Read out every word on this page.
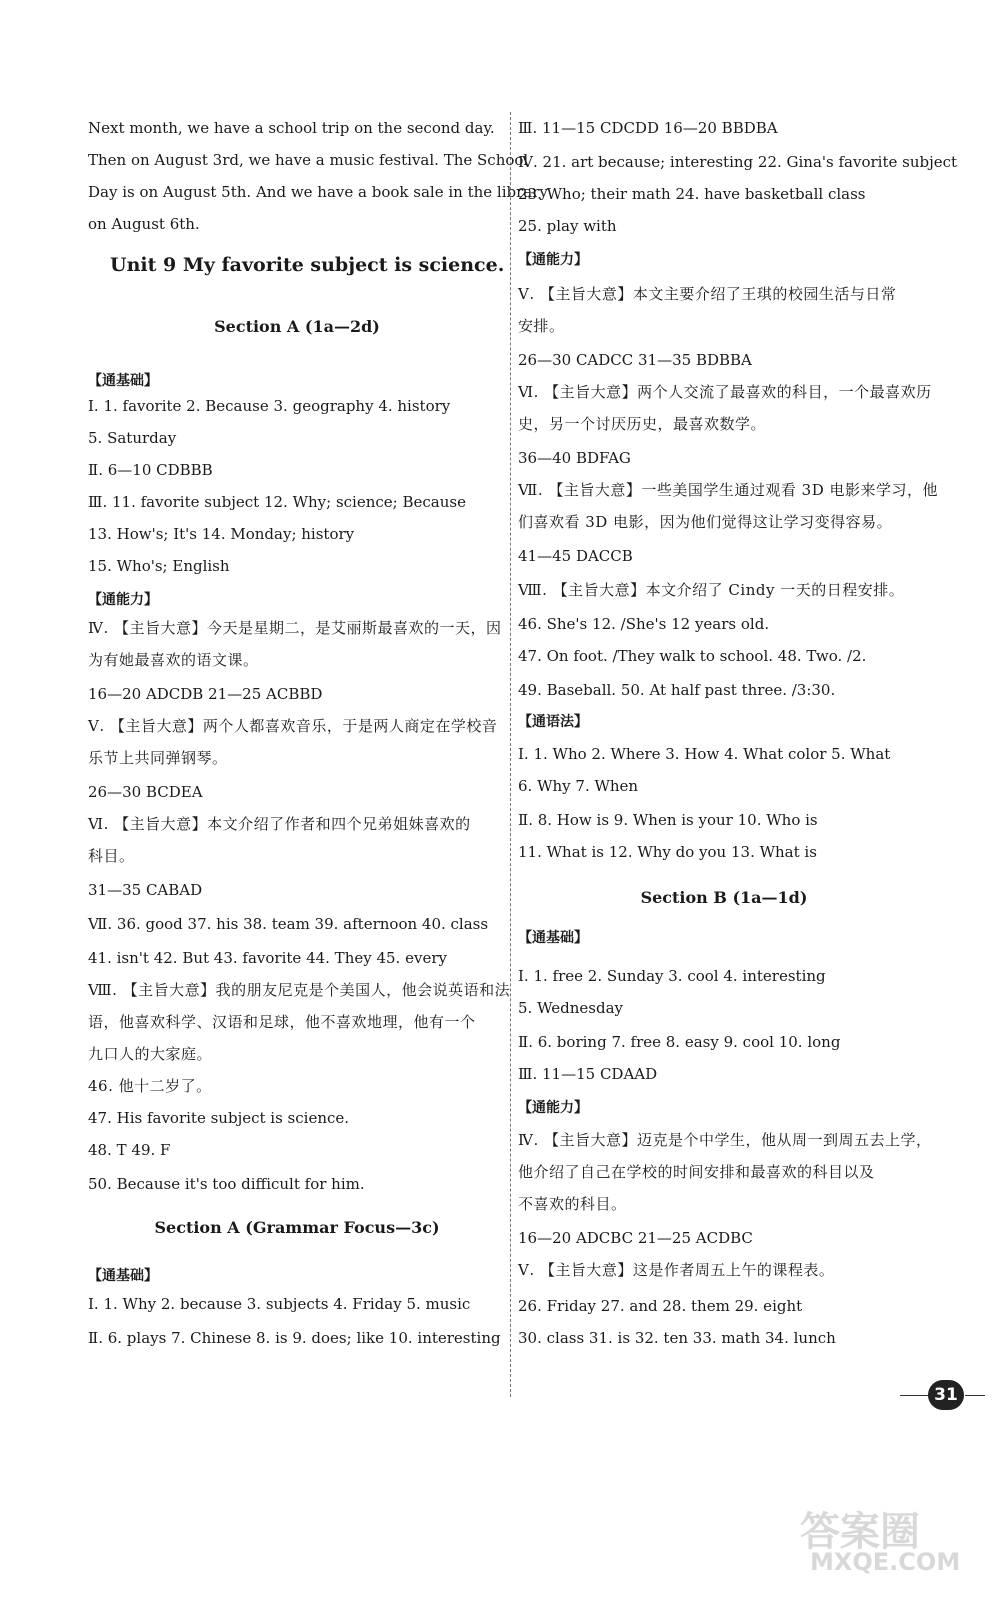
Next month, we have a school trip on the second day.
Then on August 3rd, we have a music festival. The School
Day is on August 5th. And we have a book sale in the library
on August 6th.
Unit 9 My favorite subject is science.
Section A (1a—2d)
【通基础】
Ⅰ. 1. favorite 2. Because 3. geography 4. history
5. Saturday
Ⅱ. 6—10 CDBBB
Ⅲ. 11. favorite subject 12. Why; science; Because
13. How's; It's 14. Monday; history
15. Who's; English
【通能力】
Ⅳ. 【主旨大意】今天是星期二，是艾丽斯最喜欢的一天，因
为有她最喜欢的语文课。
16—20 ADCDB 21—25 ACBBD
Ⅴ. 【主旨大意】两个人都喜欢音乐，于是两人商定在学校音
乐节上共同弹钢琴。
26—30 BCDEA
Ⅵ. 【主旨大意】本文介绍了作者和四个兄弟姐妹喜欢的
科目。
31—35 CABAD
Ⅶ. 36. good 37. his 38. team 39. afternoon 40. class
41. isn't 42. But 43. favorite 44. They 45. every
Ⅷ. 【主旨大意】我的朋友尼克是个美国人，他会说英语和法
语，他喜欢科学、汉语和足球，他不喜欢地理，他有一个
九口人的大家庭。
46. 他十二岁了。
47. His favorite subject is science.
48. T 49. F
50. Because it's too difficult for him.
Section A (Grammar Focus—3c)
【通基础】
Ⅰ. 1. Why 2. because 3. subjects 4. Friday 5. music
Ⅱ. 6. plays 7. Chinese 8. is 9. does; like 10. interesting
Ⅲ. 11—15 CDCDD 16—20 BBDBA
Ⅳ. 21. art because; interesting 22. Gina's favorite subject
23. Who; their math 24. have basketball class
25. play with
【通能力】
Ⅴ. 【主旨大意】本文主要介绍了王琪的校园生活与日常
安排。
26—30 CADCC 31—35 BDBBA
Ⅵ. 【主旨大意】两个人交流了最喜欢的科目，一个最喜欢历
史，另一个讨厌历史，最喜欢数学。
36—40 BDFAG
Ⅶ. 【主旨大意】一些美国学生通过观看 3D 电影来学习，他
们喜欢看 3D 电影，因为他们觉得这让学习变得容易。
41—45 DACCB
Ⅷ. 【主旨大意】本文介绍了 Cindy 一天的日程安排。
46. She's 12. /She's 12 years old.
47. On foot. /They walk to school. 48. Two. /2.
49. Baseball. 50. At half past three. /3:30.
【通语法】
Ⅰ. 1. Who 2. Where 3. How 4. What color 5. What
6. Why 7. When
Ⅱ. 8. How is 9. When is your 10. Who is
11. What is 12. Why do you 13. What is
Section B (1a—1d)
【通基础】
Ⅰ. 1. free 2. Sunday 3. cool 4. interesting
5. Wednesday
Ⅱ. 6. boring 7. free 8. easy 9. cool 10. long
Ⅲ. 11—15 CDAAD
【通能力】
Ⅳ. 【主旨大意】迈克是个中学生，他从周一到周五去上学，
他介绍了自己在学校的时间安排和最喜欢的科目以及
不喜欢的科目。
16—20 ADCBC 21—25 ACDBC
Ⅴ. 【主旨大意】这是作者周五上午的课程表。
26. Friday 27. and 28. them 29. eight
30. class 31. is 32. ten 33. math 34. lunch
31
答案圈
MXQE.COM
